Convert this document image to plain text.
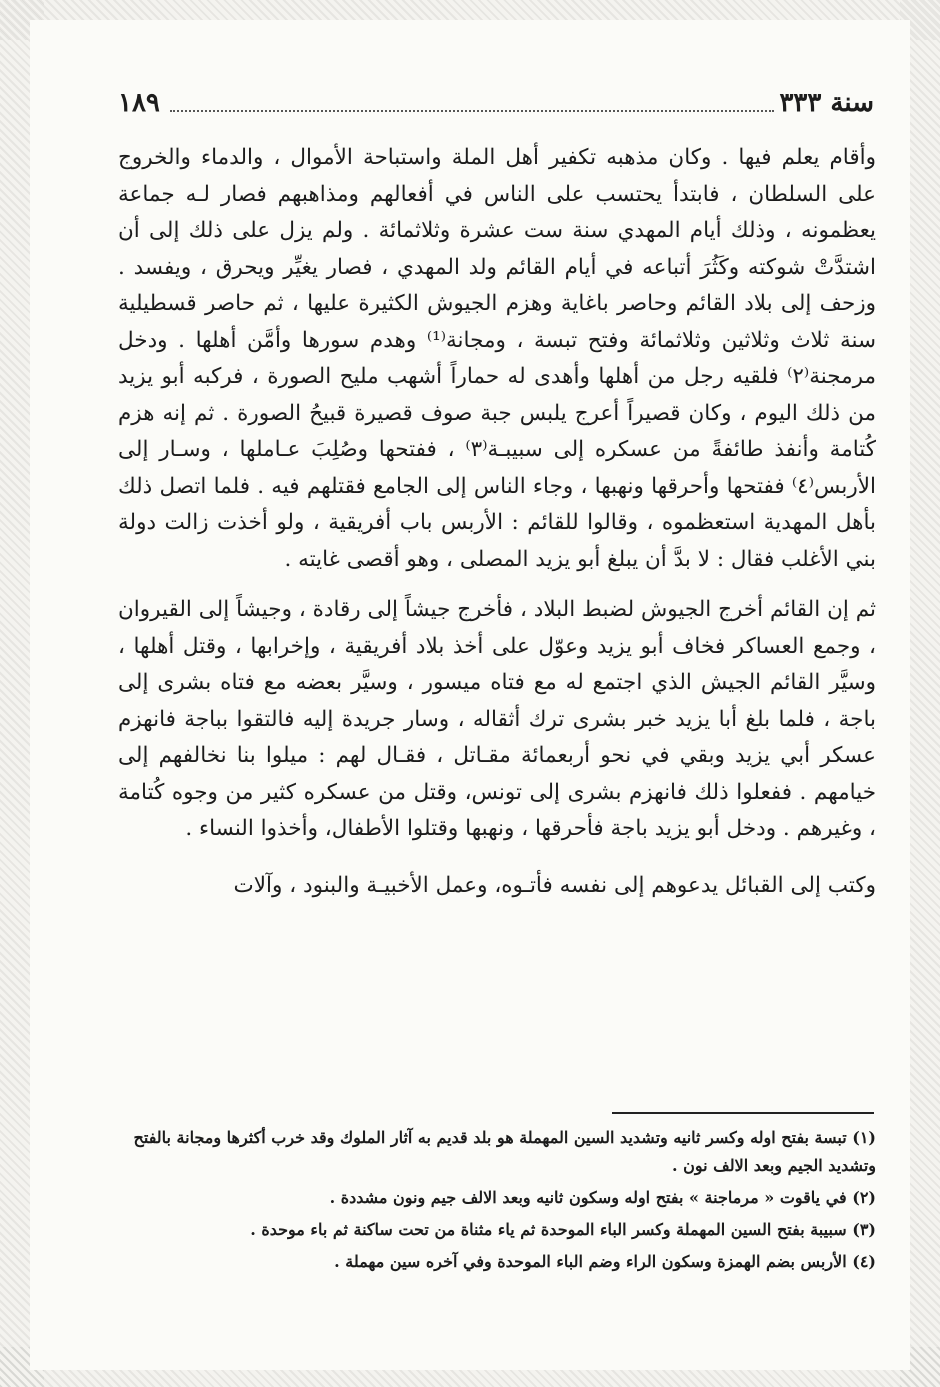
سنة ٣٣٣
١٨٩

وأقام يعلم فيها . وكان مذهبه تكفير أهل الملة واستباحة الأموال ، والدماء والخروج على السلطان ، فابتدأ يحتسب على الناس في أفعالهم ومذاهبهم فصار لـه جماعة يعظمونه ، وذلك أيام المهدي سنة ست عشرة وثلاثمائة . ولم يزل على ذلك إلى أن اشتدَّتْ شوكته وكَثُرَ أتباعه في أيام القائم ولد المهدي ، فصار يغيِّر ويحرق ، ويفسد . وزحف إلى بلاد القائم وحاصر باغاية وهزم الجيوش الكثيرة عليها ، ثم حاصر قسطيلية سنة ثلاث وثلاثين وثلاثمائة وفتح تبسة ، ومجانة⁽¹⁾ وهدم سورها وأمَّن أهلها . ودخل مرمجنة⁽٢⁾ فلقيه رجل من أهلها وأهدى له حماراً أشهب مليح الصورة ، فركبه أبو يزيد من ذلك اليوم ، وكان قصيراً أعرج يلبس جبة صوف قصيرة قبيحُ الصورة . ثم إنه هزم كُتامة وأنفذ طائفةً من عسكره إلى سبيبـة⁽٣⁾ ، ففتحها وصُلِبَ عـاملها ، وسـار إلى الأربس⁽٤⁾ ففتحها وأحرقها ونهبها ، وجاء الناس إلى الجامع فقتلهم فيه . فلما اتصل ذلك بأهل المهدية استعظموه ، وقالوا للقائم : الأربس باب أفريقية ، ولو أخذت زالت دولة بني الأغلب فقال : لا بدَّ أن يبلغ أبو يزيد المصلى ، وهو أقصى غايته .

ثم إن القائم أخرج الجيوش لضبط البلاد ، فأخرج جيشاً إلى رقادة ، وجيشاً إلى القيروان ، وجمع العساكر فخاف أبو يزيد وعوّل على أخذ بلاد أفريقية ، وإخرابها ، وقتل أهلها ، وسيَّر القائم الجيش الذي اجتمع له مع فتاه ميسور ، وسيَّر بعضه مع فتاه بشرى إلى باجة ، فلما بلغ أبا يزيد خبر بشرى ترك أثقاله ، وسار جريدة إليه فالتقوا بباجة فانهزم عسكر أبي يزيد وبقي في نحو أربعمائة مقـاتل ، فقـال لهم : ميلوا بنا نخالفهم إلى خيامهم . ففعلوا ذلك فانهزم بشرى إلى تونس، وقتل من عسكره كثير من وجوه كُتامة ، وغيرهم . ودخل أبو يزيد باجة فأحرقها ، ونهبها وقتلوا الأطفال، وأخذوا النساء .

وكتب إلى القبائل يدعوهم إلى نفسه فأتـوه، وعمل الأخبيـة والبنود ، وآلات

(١) تبسة بفتح اوله وكسر ثانيه وتشديد السين المهملة هو بلد قديم به آثار الملوك وقد خرب أكثرها ومجانة بالفتح وتشديد الجيم وبعد الالف نون .

(٢) في ياقوت « مرماجنة » بفتح اوله وسكون ثانيه وبعد الالف جيم ونون مشددة .

(٣) سبيبة بفتح السين المهملة وكسر الباء الموحدة ثم ياء مثناة من تحت ساكنة ثم باء موحدة .

(٤) الأربس بضم الهمزة وسكون الراء وضم الباء الموحدة وفي آخره سين مهملة .
